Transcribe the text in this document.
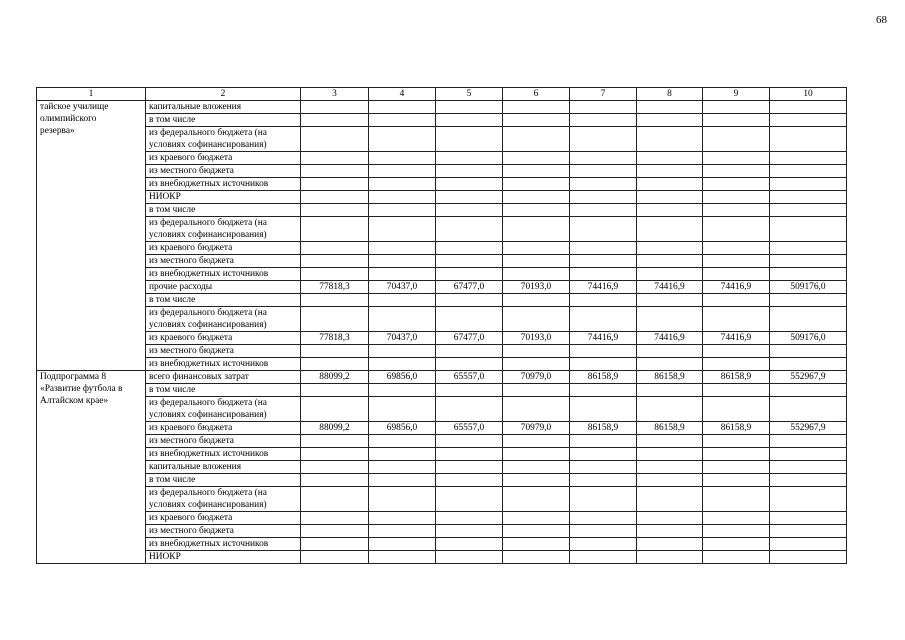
68
1	2	3	4	5	6	7	8	9	10

тайское училище
олимпийского
резерва»	капитальные вложения								
	в том числе								
	из федерального бюджета (на условиях софинансирования)								
	из краевого бюджета								
	из местного бюджета								
	из внебюджетных источников								
	НИОКР								
	в том числе								
	из федерального бюджета (на условиях софинансирования)								
	из краевого бюджета								
	из местного бюджета								
	из внебюджетных источников								
	прочие расходы	77818,3	70437,0	67477,0	70193,0	74416,9	74416,9	74416,9	509176,0
	в том числе								
	из федерального бюджета (на условиях софинансирования)								
	из краевого бюджета	77818,3	70437,0	67477,0	70193,0	74416,9	74416,9	74416,9	509176,0
	из местного бюджета								
	из внебюджетных источников								

Подпрограмма 8
«Развитие футбола в
Алтайском крае»	всего финансовых затрат	88099,2	69856,0	65557,0	70979,0	86158,9	86158,9	86158,9	552967,9
	в том числе								
	из федерального бюджета (на условиях софинансирования)								
	из краевого бюджета	88099,2	69856,0	65557,0	70979,0	86158,9	86158,9	86158,9	552967,9
	из местного бюджета								
	из внебюджетных источников								
	капитальные вложения								
	в том числе								
	из федерального бюджета (на условиях софинансирования)								
	из краевого бюджета								
	из местного бюджета								
	из внебюджетных источников								
	НИОКР								
